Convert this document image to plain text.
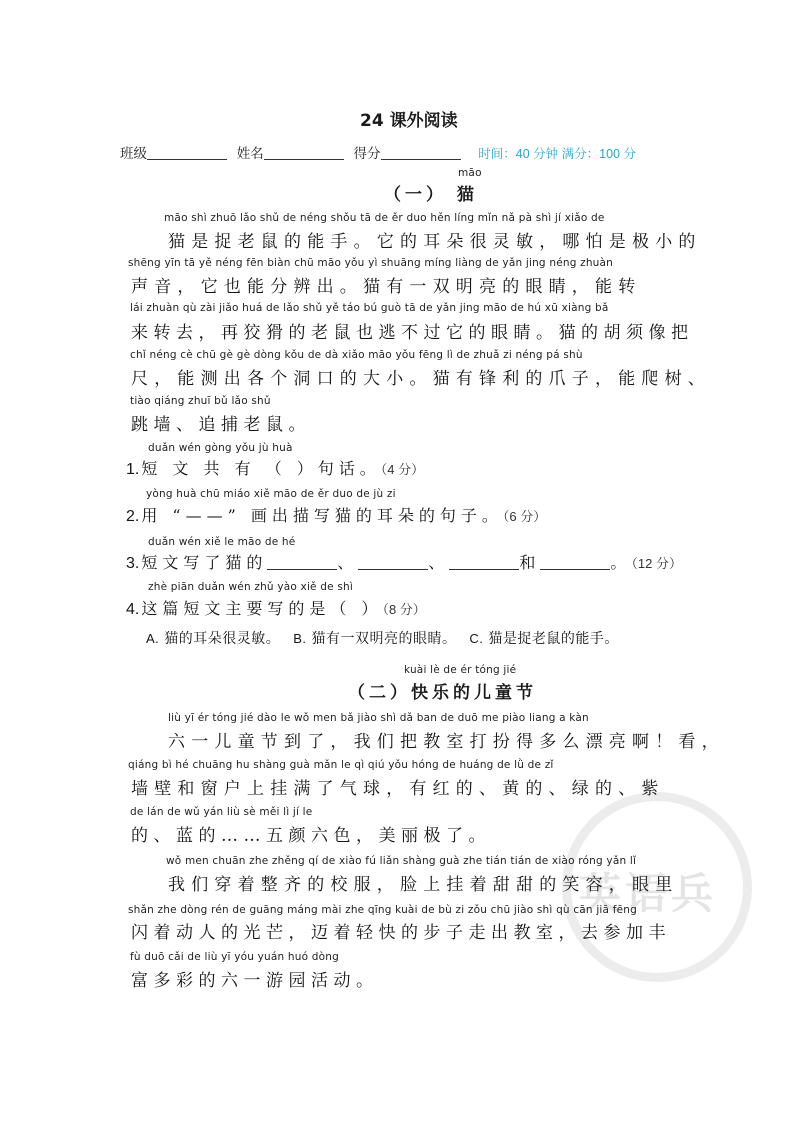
24 课外阅读
班级	姓名	得分	时间：40 分钟 满分：100 分
māo
（一） 猫
māo shì zhuō lǎo shǔ de néng shǒu tā de ěr duo hěn líng mǐn nǎ pà shì jí xiǎo de
猫是捉老鼠的能手。它的耳朵很灵敏，哪怕是极小的
shēng yīn tā yě néng fēn biàn chū māo yǒu yì shuāng míng liàng de yǎn jing néng zhuàn
声音，它也能分辨出。猫有一双明亮的眼睛，能转
lái zhuàn qù zài jiǎo huá de lǎo shǔ yě táo bú guò tā de yǎn jing māo de hú xū xiàng bǎ
来转去，再狡猾的老鼠也逃不过它的眼睛。猫的胡须像把
chǐ néng cè chū gè gè dòng kǒu de dà xiǎo māo yǒu fēng lì de zhuǎ zi néng pá shù
尺，能测出各个洞口的大小。猫有锋利的爪子，能爬树、
tiào qiáng zhuī bǔ lǎo shǔ
跳墙、追捕老鼠。
duǎn wén gòng yǒu jù huà
1. 短 文 共 有 （ ）句话。（4 分）
yòng huà chū miáo xiě māo de ěr duo de jù zi
2. 用 “——” 画出描写猫的耳朵的句子。（6 分）
duǎn wén xiě le māo de hé
3. 短文写了猫的	、	、	和	。（12 分）
zhè piān duǎn wén zhǔ yào xiě de shì
4. 这篇短文主要写的是（ ）（8 分）
A. 猫的耳朵很灵敏。 B. 猫有一双明亮的眼睛。 C. 猫是捉老鼠的能手。
英语兵
kuài lè de ér tóng jié
（二）快乐的儿童节
liù yī ér tóng jié dào le wǒ men bǎ jiào shì dǎ ban de duō me piào liang a kàn
六一儿童节到了，我们把教室打扮得多么漂亮啊！看，
qiáng bì hé chuāng hu shàng guà mǎn le qì qiú yǒu hóng de huáng de lǜ de zǐ
墙壁和窗户上挂满了气球，有红的、黄的、绿的、紫
de lán de wǔ yán liù sè měi lì jí le
的、蓝的……五颜六色，美丽极了。
wǒ men chuān zhe zhěng qí de xiào fú liǎn shàng guà zhe tián tián de xiào róng yǎn lǐ
我们穿着整齐的校服，脸上挂着甜甜的笑容，眼里
shǎn zhe dòng rén de guāng máng mài zhe qīng kuài de bù zi zǒu chū jiào shì qù cān jiā fēng
闪着动人的光芒，迈着轻快的步子走出教室，去参加丰
fù duō cǎi de liù yī yóu yuán huó dòng
富多彩的六一游园活动。
